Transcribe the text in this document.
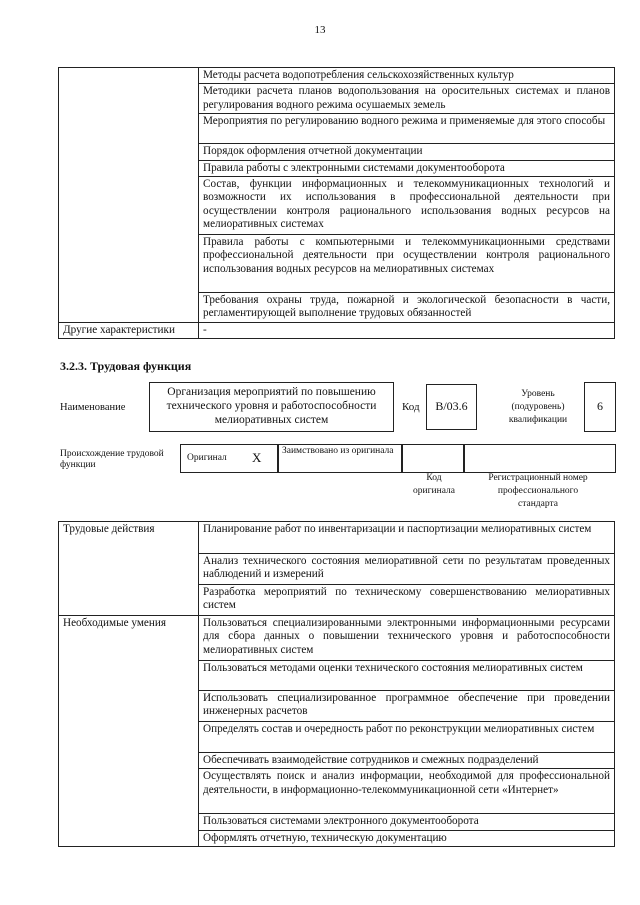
13
	Методы расчета водопотребления сельскохозяйственных культур
	Методики расчета планов водопользования на оросительных системах и планов регулирования водного режима осушаемых земель
	Мероприятия по регулированию водного режима и применяемые для этого способы
	Порядок оформления отчетной документации
	Правила работы с электронными системами документооборота
	Состав, функции информационных и телекоммуникационных технологий и возможности их использования в профессиональной деятельности при осуществлении контроля рационального использования водных ресурсов на мелиоративных системах
	Правила работы с компьютерными и телекоммуникационными средствами профессиональной деятельности при осуществлении контроля рационального использования водных ресурсов на мелиоративных системах
	Требования охраны труда, пожарной и экологической безопасности в части, регламентирующей выполнение трудовых обязанностей
Другие характеристики	-
3.2.3. Трудовая функция
Наименование
Организация мероприятий по повышению технического уровня и работоспособности мелиоративных систем
Код	B/03.6
Уровень (подуровень) квалификации
6
Происхождение трудовой функции
Оригинал X Заимствовано из оригинала
Код оригинала
Регистрационный номер профессионального стандарта
Трудовые действия	Планирование работ по инвентаризации и паспортизации мелиоративных систем
	Анализ технического состояния мелиоративной сети по результатам проведенных наблюдений и измерений
	Разработка мероприятий по техническому совершенствованию мелиоративных систем
Необходимые умения	Пользоваться специализированными электронными информационными ресурсами для сбора данных о повышении технического уровня и работоспособности мелиоративных систем
	Пользоваться методами оценки технического состояния мелиоративных систем
	Использовать специализированное программное обеспечение при проведении инженерных расчетов
	Определять состав и очередность работ по реконструкции мелиоративных систем
	Обеспечивать взаимодействие сотрудников и смежных подразделений
	Осуществлять поиск и анализ информации, необходимой для профессиональной деятельности, в информационно-телекоммуникационной сети «Интернет»
	Пользоваться системами электронного документооборота
	Оформлять отчетную, техническую документацию
